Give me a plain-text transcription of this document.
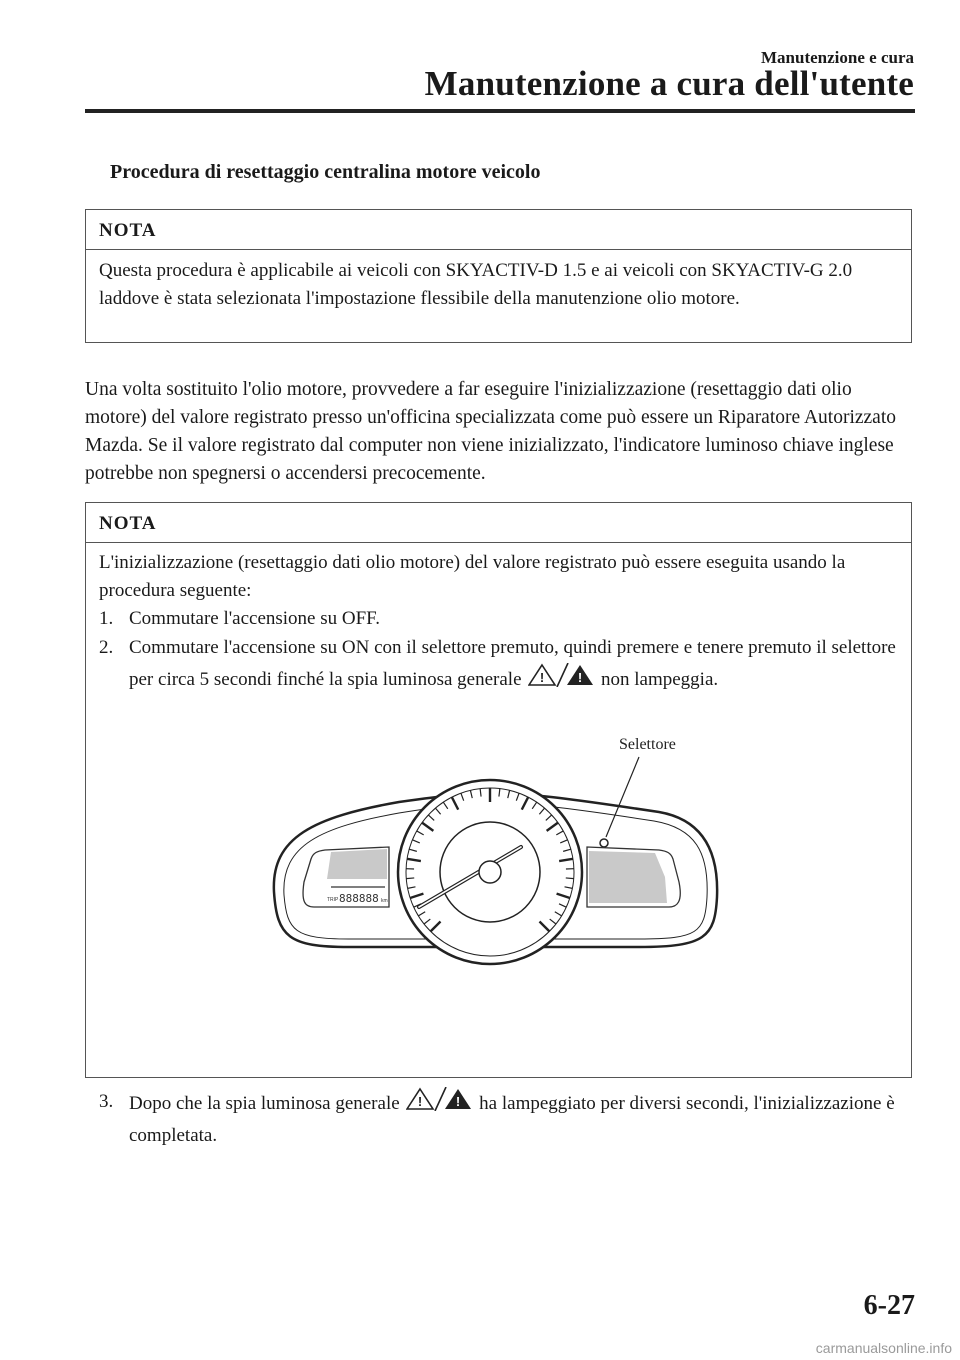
Manutenzione e cura
Manutenzione a cura dell'utente
Procedura di resettaggio centralina motore veicolo
NOTA
Questa procedura è applicabile ai veicoli con SKYACTIV-D 1.5 e ai veicoli con SKYACTIV-G 2.0 laddove è stata selezionata l'impostazione flessibile della manutenzione olio motore.
Una volta sostituito l'olio motore, provvedere a far eseguire l'inizializzazione (resettaggio dati olio motore) del valore registrato presso un'officina specializzata come può essere un Riparatore Autorizzato Mazda. Se il valore registrato dal computer non viene inizializzato, l'indicatore luminoso chiave inglese potrebbe non spegnersi o accendersi precocemente.
NOTA
L'inizializzazione (resettaggio dati olio motore) del valore registrato può essere eseguita usando la procedura seguente:
1. Commutare l'accensione su OFF.
2. Commutare l'accensione su ON con il selettore premuto, quindi premere e tenere premuto il selettore per circa 5 secondi finché la spia luminosa generale !	! non lampeggia.
Selettore
TRIP 888888 km
3. Dopo che la spia luminosa generale !	! ha lampeggiato per diversi secondi, l'inizializzazione è completata.
6-27
carmanualsonline.info
